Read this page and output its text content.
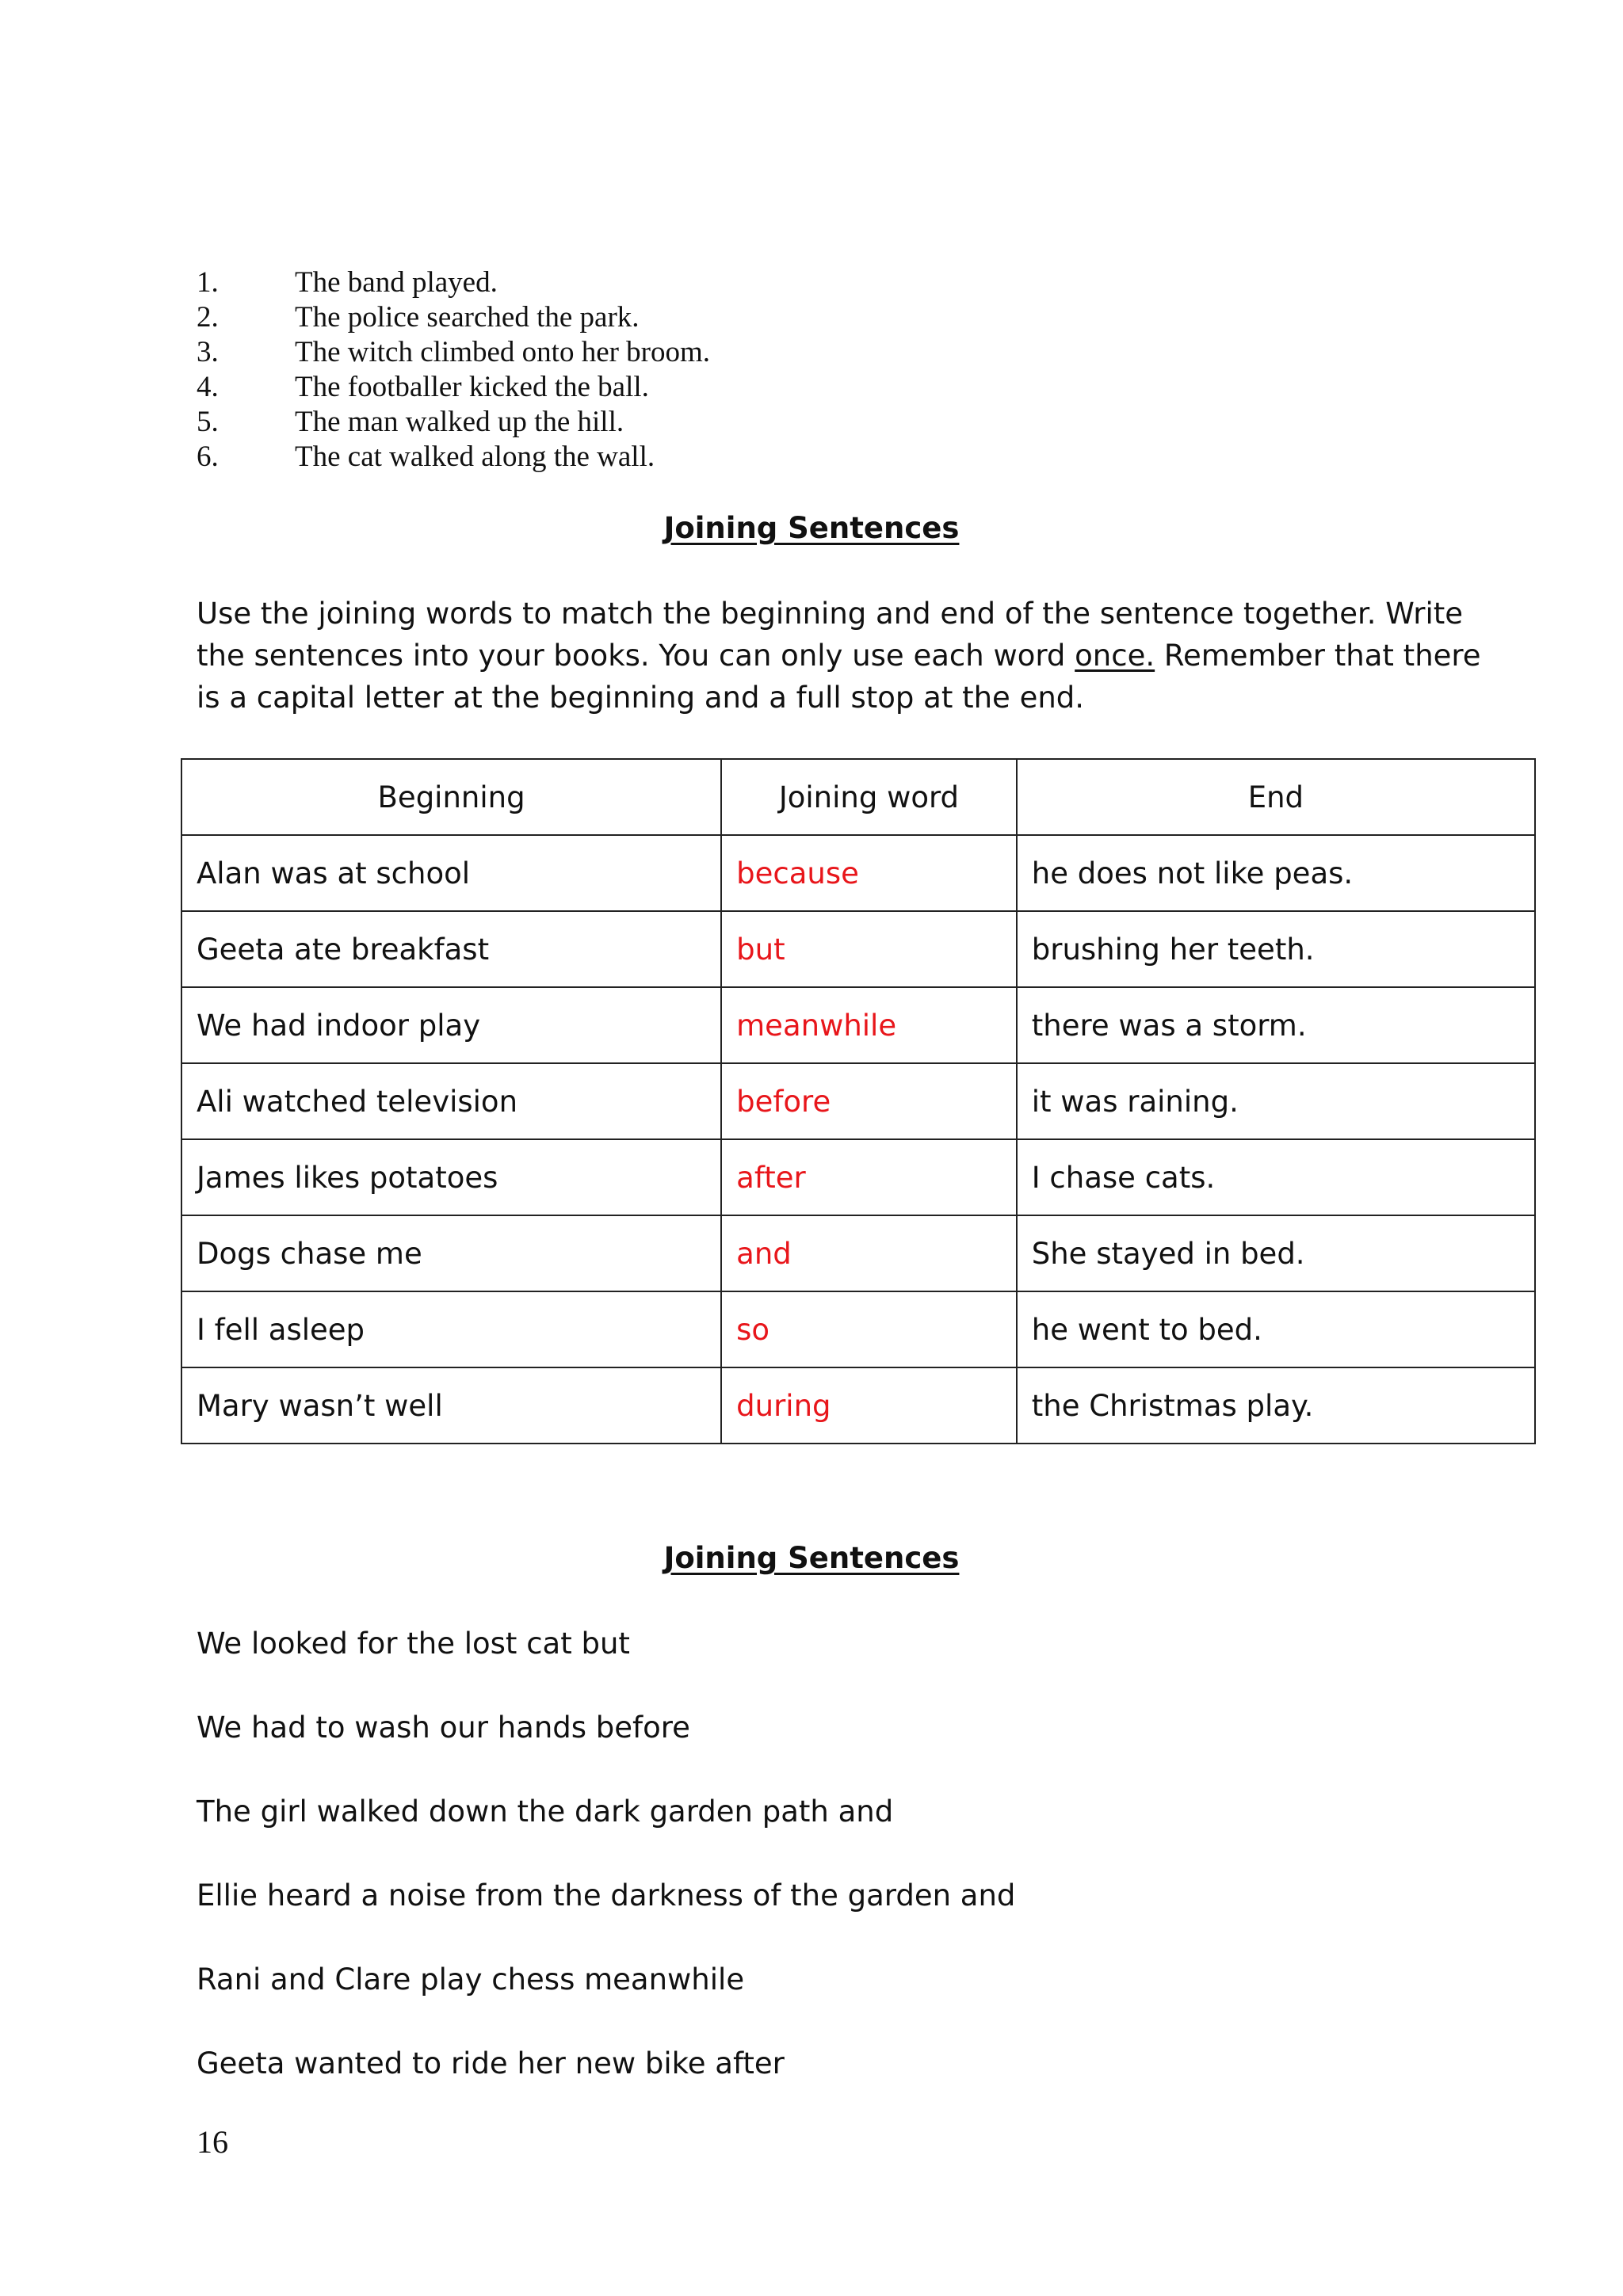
1.	The band played.
2.	The police searched the park.
3.	The witch climbed onto her broom.
4.	The footballer kicked the ball.
5.	The man walked up the hill.
6.	The cat walked along the wall.
Joining Sentences

Use the joining words to match the beginning and end of the sentence together. Write
the sentences into your books. You can only use each word once. Remember that there
is a capital letter at the beginning and a full stop at the end.

Beginning	Joining word	End
Alan was at school	because	he does not like peas.
Geeta ate breakfast	but	brushing her teeth.
We had indoor play	meanwhile	there was a storm.
Ali watched television	before	it was raining.
James likes potatoes	after	I chase cats.
Dogs chase me	and	She stayed in bed.
I fell asleep	so	he went to bed.
Mary wasn’t well	during	the Christmas play.
Joining Sentences
We looked for the lost cat but
We had to wash our hands before
The girl walked down the dark garden path and
Ellie heard a noise from the darkness of the garden and
Rani and Clare play chess meanwhile
Geeta wanted to ride her new bike after

16
